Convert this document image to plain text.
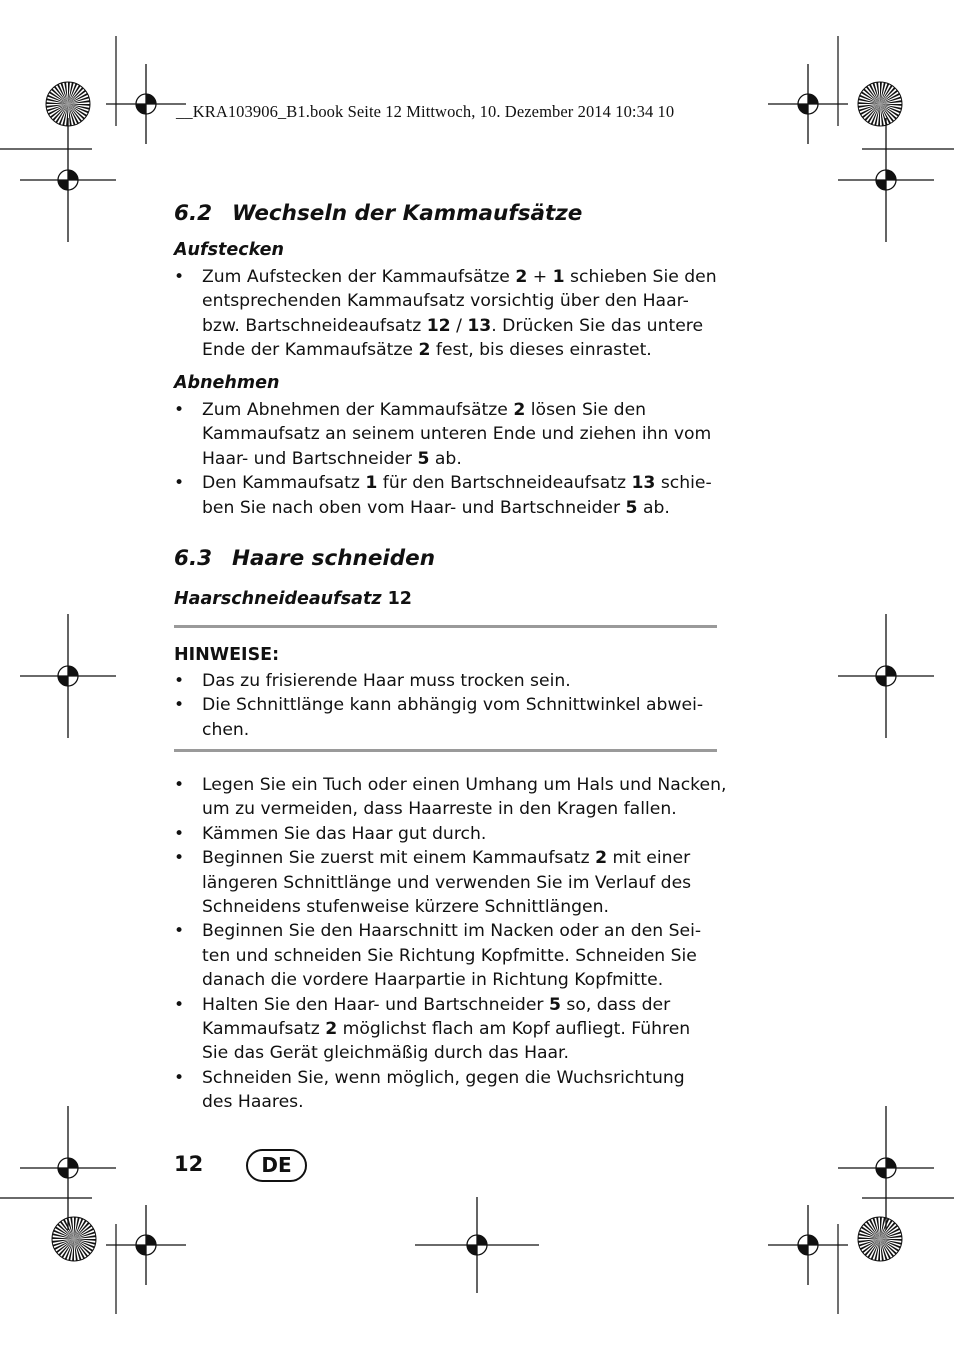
__KRA103906_B1.book Seite 12 Mittwoch, 10. Dezember 2014 10:34 10
6.2 Wechseln der Kammaufsätze
Aufstecken
• Zum Aufstecken der Kammaufsätze 2 + 1 schieben Sie den
entsprechenden Kammaufsatz vorsichtig über den Haar-
bzw. Bartschneideaufsatz 12 / 13. Drücken Sie das untere
Ende der Kammaufsätze 2 fest, bis dieses einrastet.
Abnehmen
• Zum Abnehmen der Kammaufsätze 2 lösen Sie den
Kammaufsatz an seinem unteren Ende und ziehen ihn vom
Haar- und Bartschneider 5 ab.
• Den Kammaufsatz 1 für den Bartschneideaufsatz 13 schie-
ben Sie nach oben vom Haar- und Bartschneider 5 ab.
6.3 Haare schneiden
Haarschneideaufsatz 12
HINWEISE:
• Das zu frisierende Haar muss trocken sein.
• Die Schnittlänge kann abhängig vom Schnittwinkel abwei-
chen.
• Legen Sie ein Tuch oder einen Umhang um Hals und Nacken,
um zu vermeiden, dass Haarreste in den Kragen fallen.
• Kämmen Sie das Haar gut durch.
• Beginnen Sie zuerst mit einem Kammaufsatz 2 mit einer
längeren Schnittlänge und verwenden Sie im Verlauf des
Schneidens stufenweise kürzere Schnittlängen.
• Beginnen Sie den Haarschnitt im Nacken oder an den Sei-
ten und schneiden Sie Richtung Kopfmitte. Schneiden Sie
danach die vordere Haarpartie in Richtung Kopfmitte.
• Halten Sie den Haar- und Bartschneider 5 so, dass der
Kammaufsatz 2 möglichst flach am Kopf aufliegt. Führen
Sie das Gerät gleichmäßig durch das Haar.
• Schneiden Sie, wenn möglich, gegen die Wuchsrichtung
des Haares.
12	DE
